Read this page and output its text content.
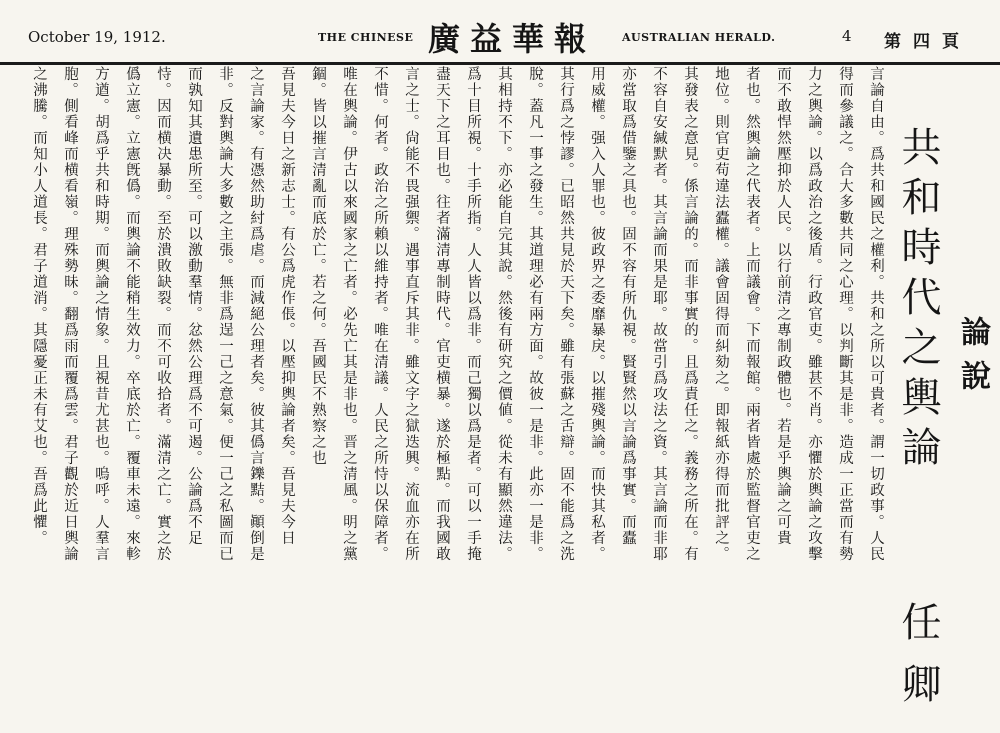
October 19, 1912.	THE CHINESE 廣益華報 AUSTRALIAN HERALD.	4 第四頁
論說
共和時代之輿論
任卿
言論自由。爲共和國民之權利。共和之所以可貴者。謂一切政事。人民
得而參議之。合大多數共同之心理。以判斷其是非。造成一正當而有勢
力之輿論。以爲政治之後盾。行政官吏。雖甚不肖。亦懼於輿論之攻擊
而不敢悍然壓抑於人民。以行前清之專制政體也。若是乎輿論之可貴
者也。然輿論之代表者。上而議會。下而報館。兩者皆處於監督官吏之
地位。則官吏苟違法蠹權。議會固得而糾劾之。即報紙亦得而批評之。
其發表之意見。係言論的。而非事實的。且爲責任之。義務之所在。有
不容自安緘默者。其言論而果是耶。故當引爲攻法之資。其言論而非耶
亦當取爲借鑒之具也。固不容有所仇視。賢賢然以言論爲事實。而蠹
用威權。强入人罪也。彼政界之委靡暴戾。以摧殘輿論。而快其私者。
其行爲之悖謬。已昭然共見於天下矣。雖有張蘇之舌辯。固不能爲之洗
脫。蓋凡一事之發生。其道理必有兩方面。故彼一是非。此亦一是非。
其相持不下。亦必能自完其說。然後有研究之價値。從未有顯然違法。
爲十目所視。十手所指。人人皆以爲非。而己獨以爲是者。可以一手掩
盡天下之耳目也。往者滿清專制時代。官吏横暴。遂於極點。而我國敢
言之士。尙能不畏强禦。遇事直斥其非。雖文字之獄迭興。流血亦在所
不惜。何者。政治之所賴以維持者。唯在清議。人民之所恃以保障者。
唯在輿論。伊古以來國家之亡者。必先亡其是非也。晋之清風。明之黨
錮。皆以摧言清亂而底於亡。若之何。吾國民不熟察之也
吾見夫今日之新志士。有公爲虎作倀。以壓抑輿論者矣。吾見夫今日
之言論家。有憑然助紂爲虐。而減絕公理者矣。彼其僞言鑠黠。顚倒是
非。反對輿論大多數之主張。無非爲逞一己之意氣。便一己之私圖而已
而孰知其遺患所至。可以激動羣情。忿然公理爲不可遏。公論爲不足
恃。因而横决暴動。至於潰敗缺裂。而不可收拾者。滿清之亡。實之於
僞立憲。立憲旣僞。而輿論不能稍生效力。卒底於亡。覆車未遠。來軫
方遒。胡爲乎共和時期。而輿論之情象。且視昔尤甚也。嗚呼。人羣言
胞。側看峰而横看嶺。理殊勢昧。翻爲雨而覆爲雲。君子觀於近日輿論
之沸騰。而知小人道長。君子道消。其隱憂正未有艾也。吾爲此懼。
